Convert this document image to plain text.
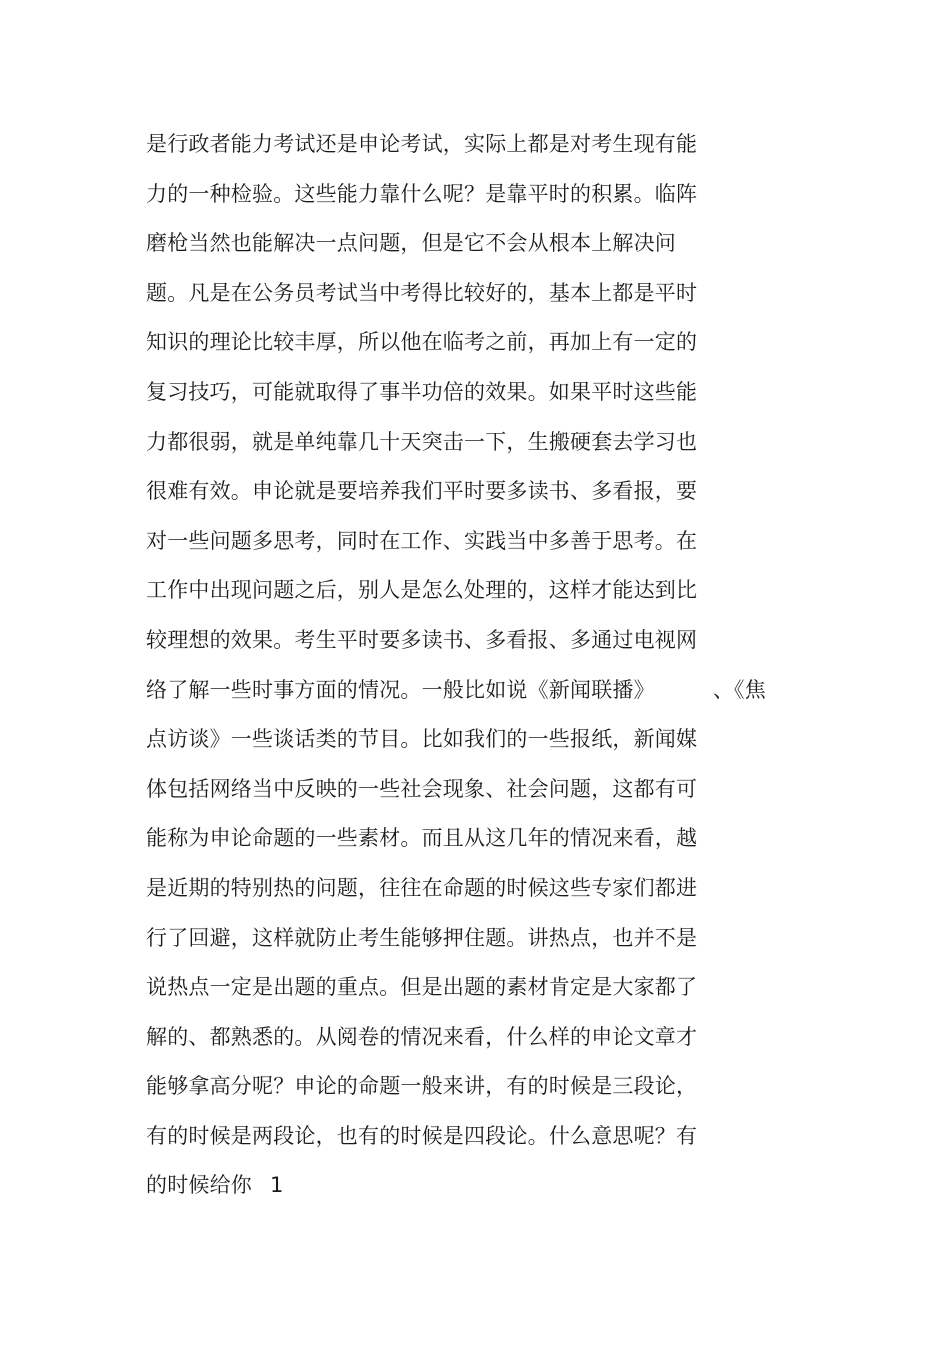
是行政者能力考试还是申论考试，实际上都是对考生现有能
力的一种检验。这些能力靠什么呢？是靠平时的积累。临阵
磨枪当然也能解决一点问题，但是它不会从根本上解决问
题。凡是在公务员考试当中考得比较好的，基本上都是平时
知识的理论比较丰厚，所以他在临考之前，再加上有一定的
复习技巧，可能就取得了事半功倍的效果。如果平时这些能
力都很弱，就是单纯靠几十天突击一下，生搬硬套去学习也
很难有效。申论就是要培养我们平时要多读书、多看报，要
对一些问题多思考，同时在工作、实践当中多善于思考。在
工作中出现问题之后，别人是怎么处理的，这样才能达到比
较理想的效果。考生平时要多读书、多看报、多通过电视网
络了解一些时事方面的情况。一般比如说《新闻联播》	、《焦
点访谈》一些谈话类的节目。比如我们的一些报纸，新闻媒
体包括网络当中反映的一些社会现象、社会问题，这都有可
能称为申论命题的一些素材。而且从这几年的情况来看，越
是近期的特别热的问题，往往在命题的时候这些专家们都进
行了回避，这样就防止考生能够押住题。讲热点，也并不是
说热点一定是出题的重点。但是出题的素材肯定是大家都了
解的、都熟悉的。从阅卷的情况来看，什么样的申论文章才
能够拿高分呢？申论的命题一般来讲，有的时候是三段论，
有的时候是两段论，也有的时候是四段论。什么意思呢？有
的时候给你 1
